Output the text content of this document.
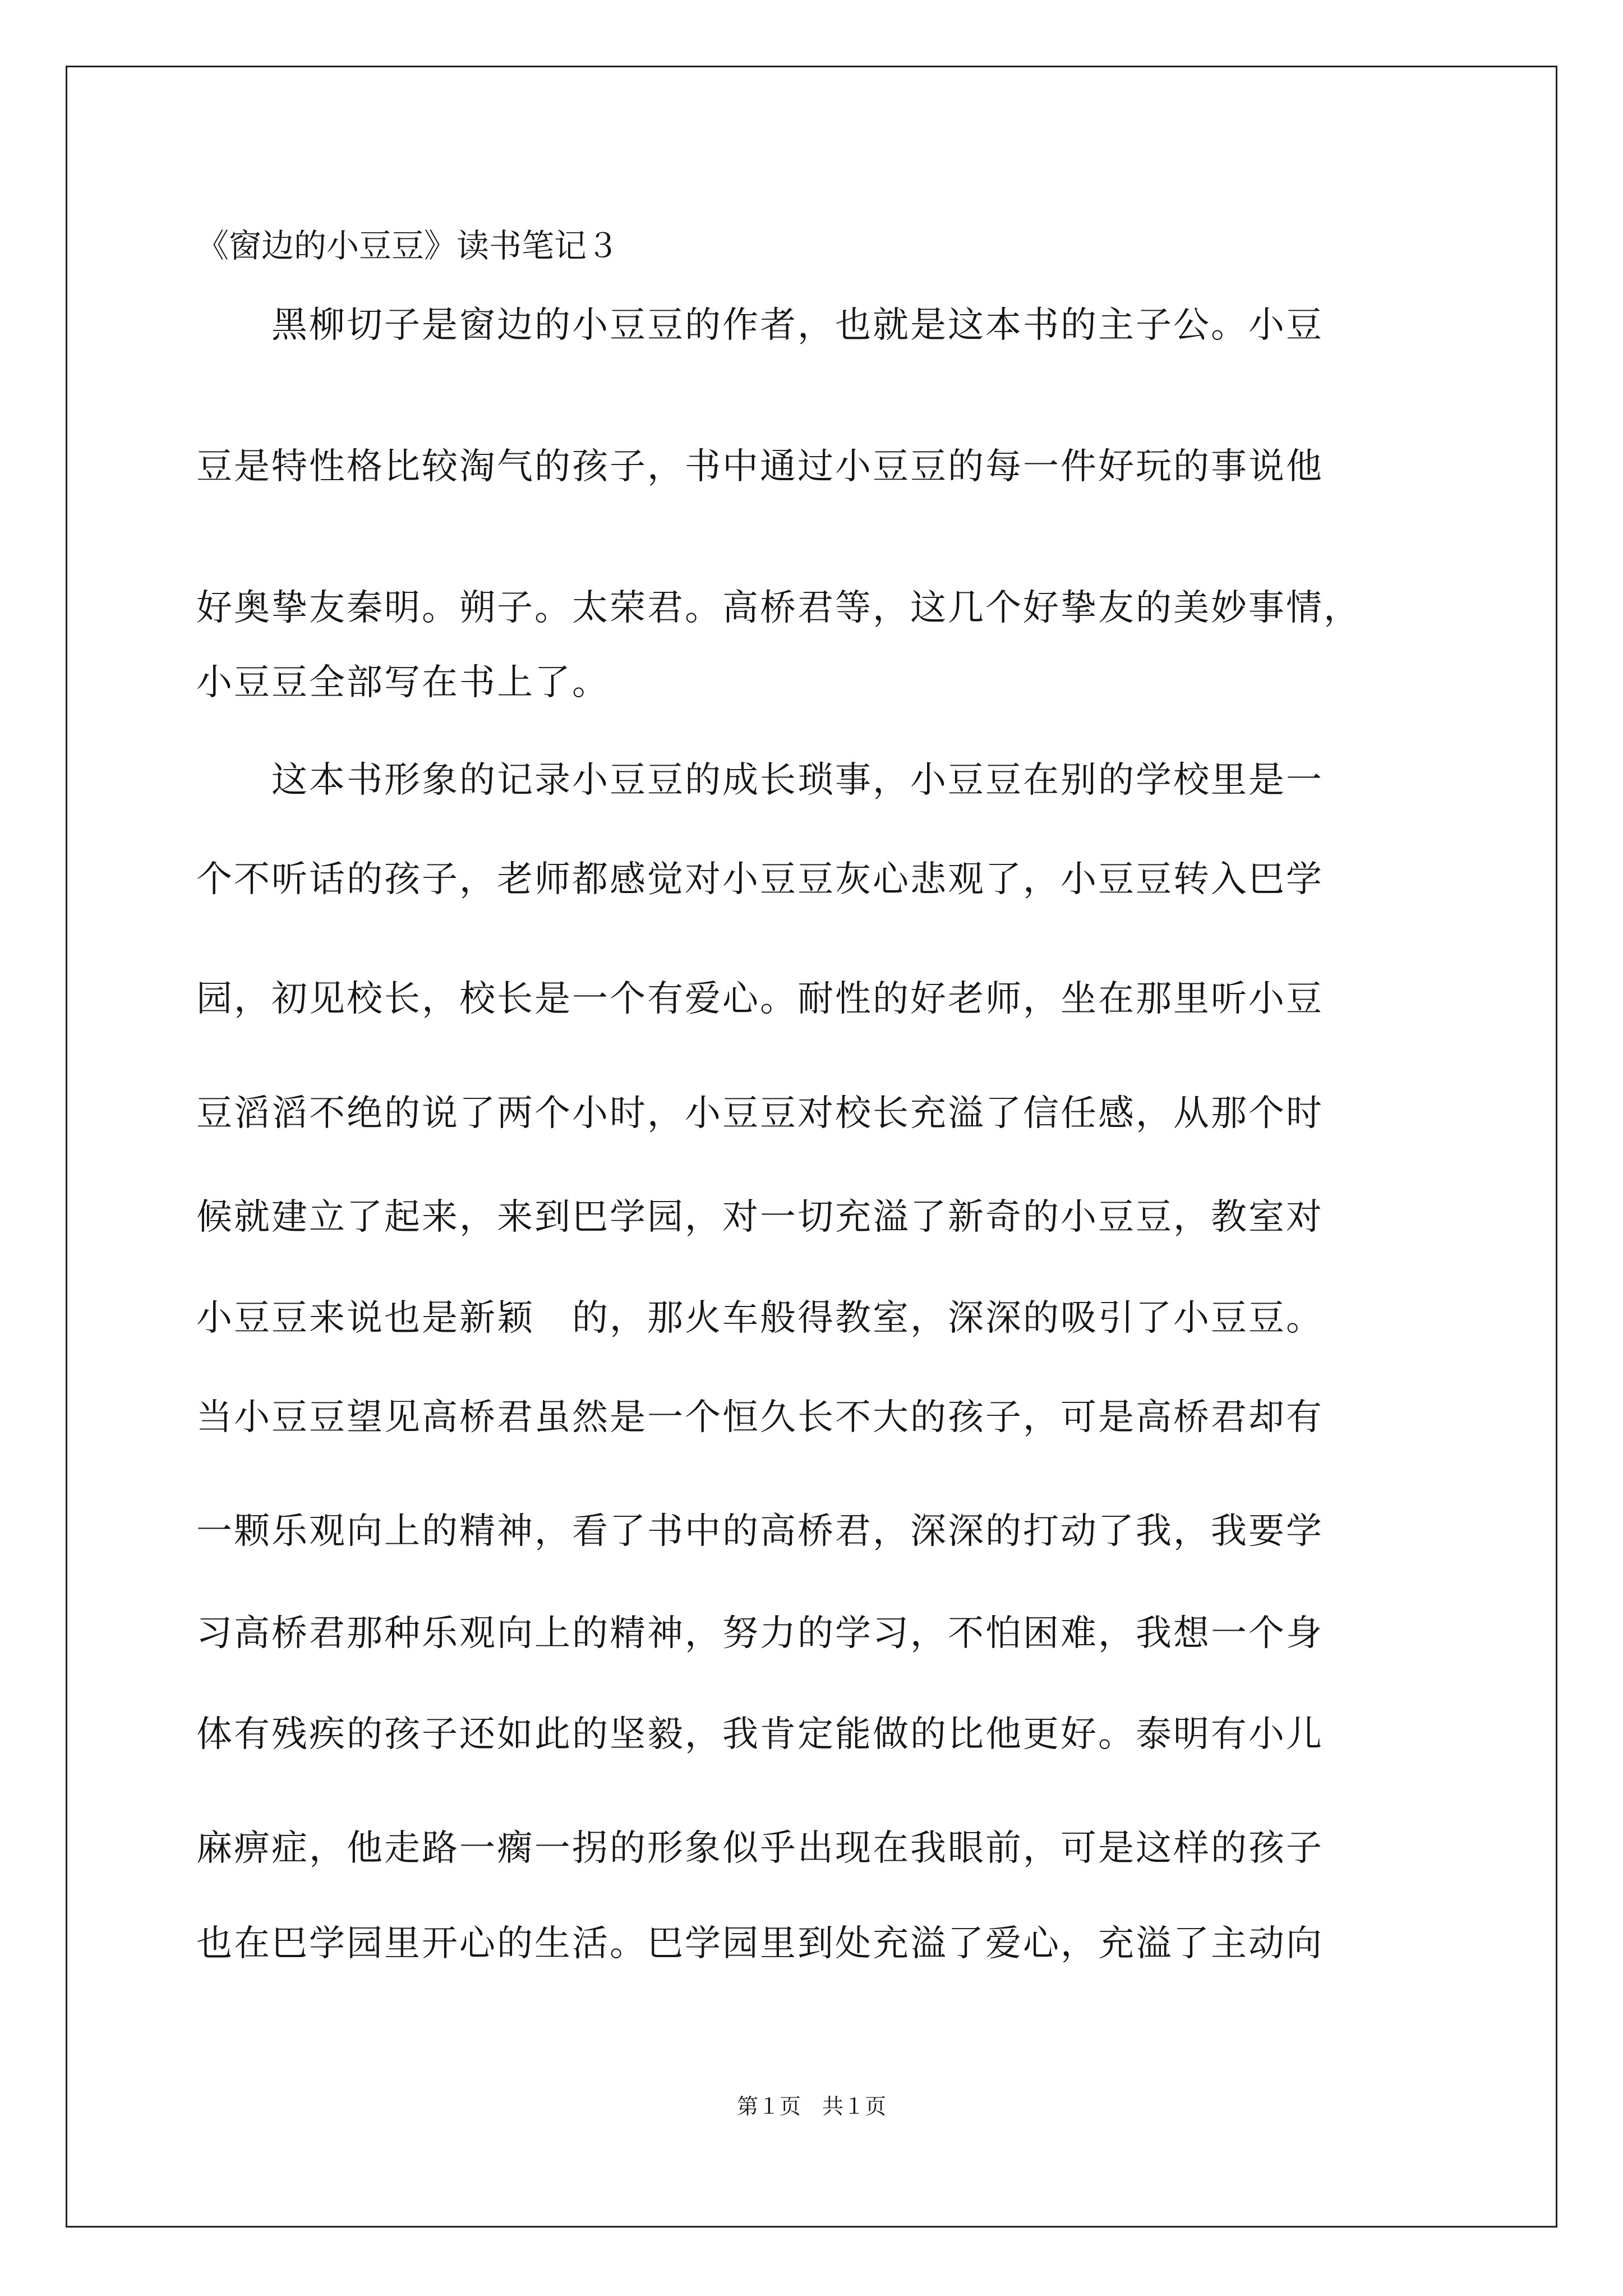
《窗边的小豆豆》读书笔记３
　　黑柳切子是窗边的小豆豆的作者，也就是这本书的主子公。小豆
豆是特性格比较淘气的孩子，书中通过小豆豆的每一件好玩的事说他
好奥挚友秦明。朔子。太荣君。高桥君等，这几个好挚友的美妙事情，
小豆豆全部写在书上了。
　　这本书形象的记录小豆豆的成长琐事，小豆豆在别的学校里是一
个不听话的孩子，老师都感觉对小豆豆灰心悲观了，小豆豆转入巴学
园，初见校长，校长是一个有爱心。耐性的好老师，坐在那里听小豆
豆滔滔不绝的说了两个小时，小豆豆对校长充溢了信任感，从那个时
候就建立了起来，来到巴学园，对一切充溢了新奇的小豆豆，教室对
小豆豆来说也是新颖　的，那火车般得教室，深深的吸引了小豆豆。
当小豆豆望见高桥君虽然是一个恒久长不大的孩子，可是高桥君却有
一颗乐观向上的精神，看了书中的高桥君，深深的打动了我，我要学
习高桥君那种乐观向上的精神，努力的学习，不怕困难，我想一个身
体有残疾的孩子还如此的坚毅，我肯定能做的比他更好。泰明有小儿
麻痹症，他走路一瘸一拐的形象似乎出现在我眼前，可是这样的孩子
也在巴学园里开心的生活。巴学园里到处充溢了爱心，充溢了主动向
第１页　共１页
